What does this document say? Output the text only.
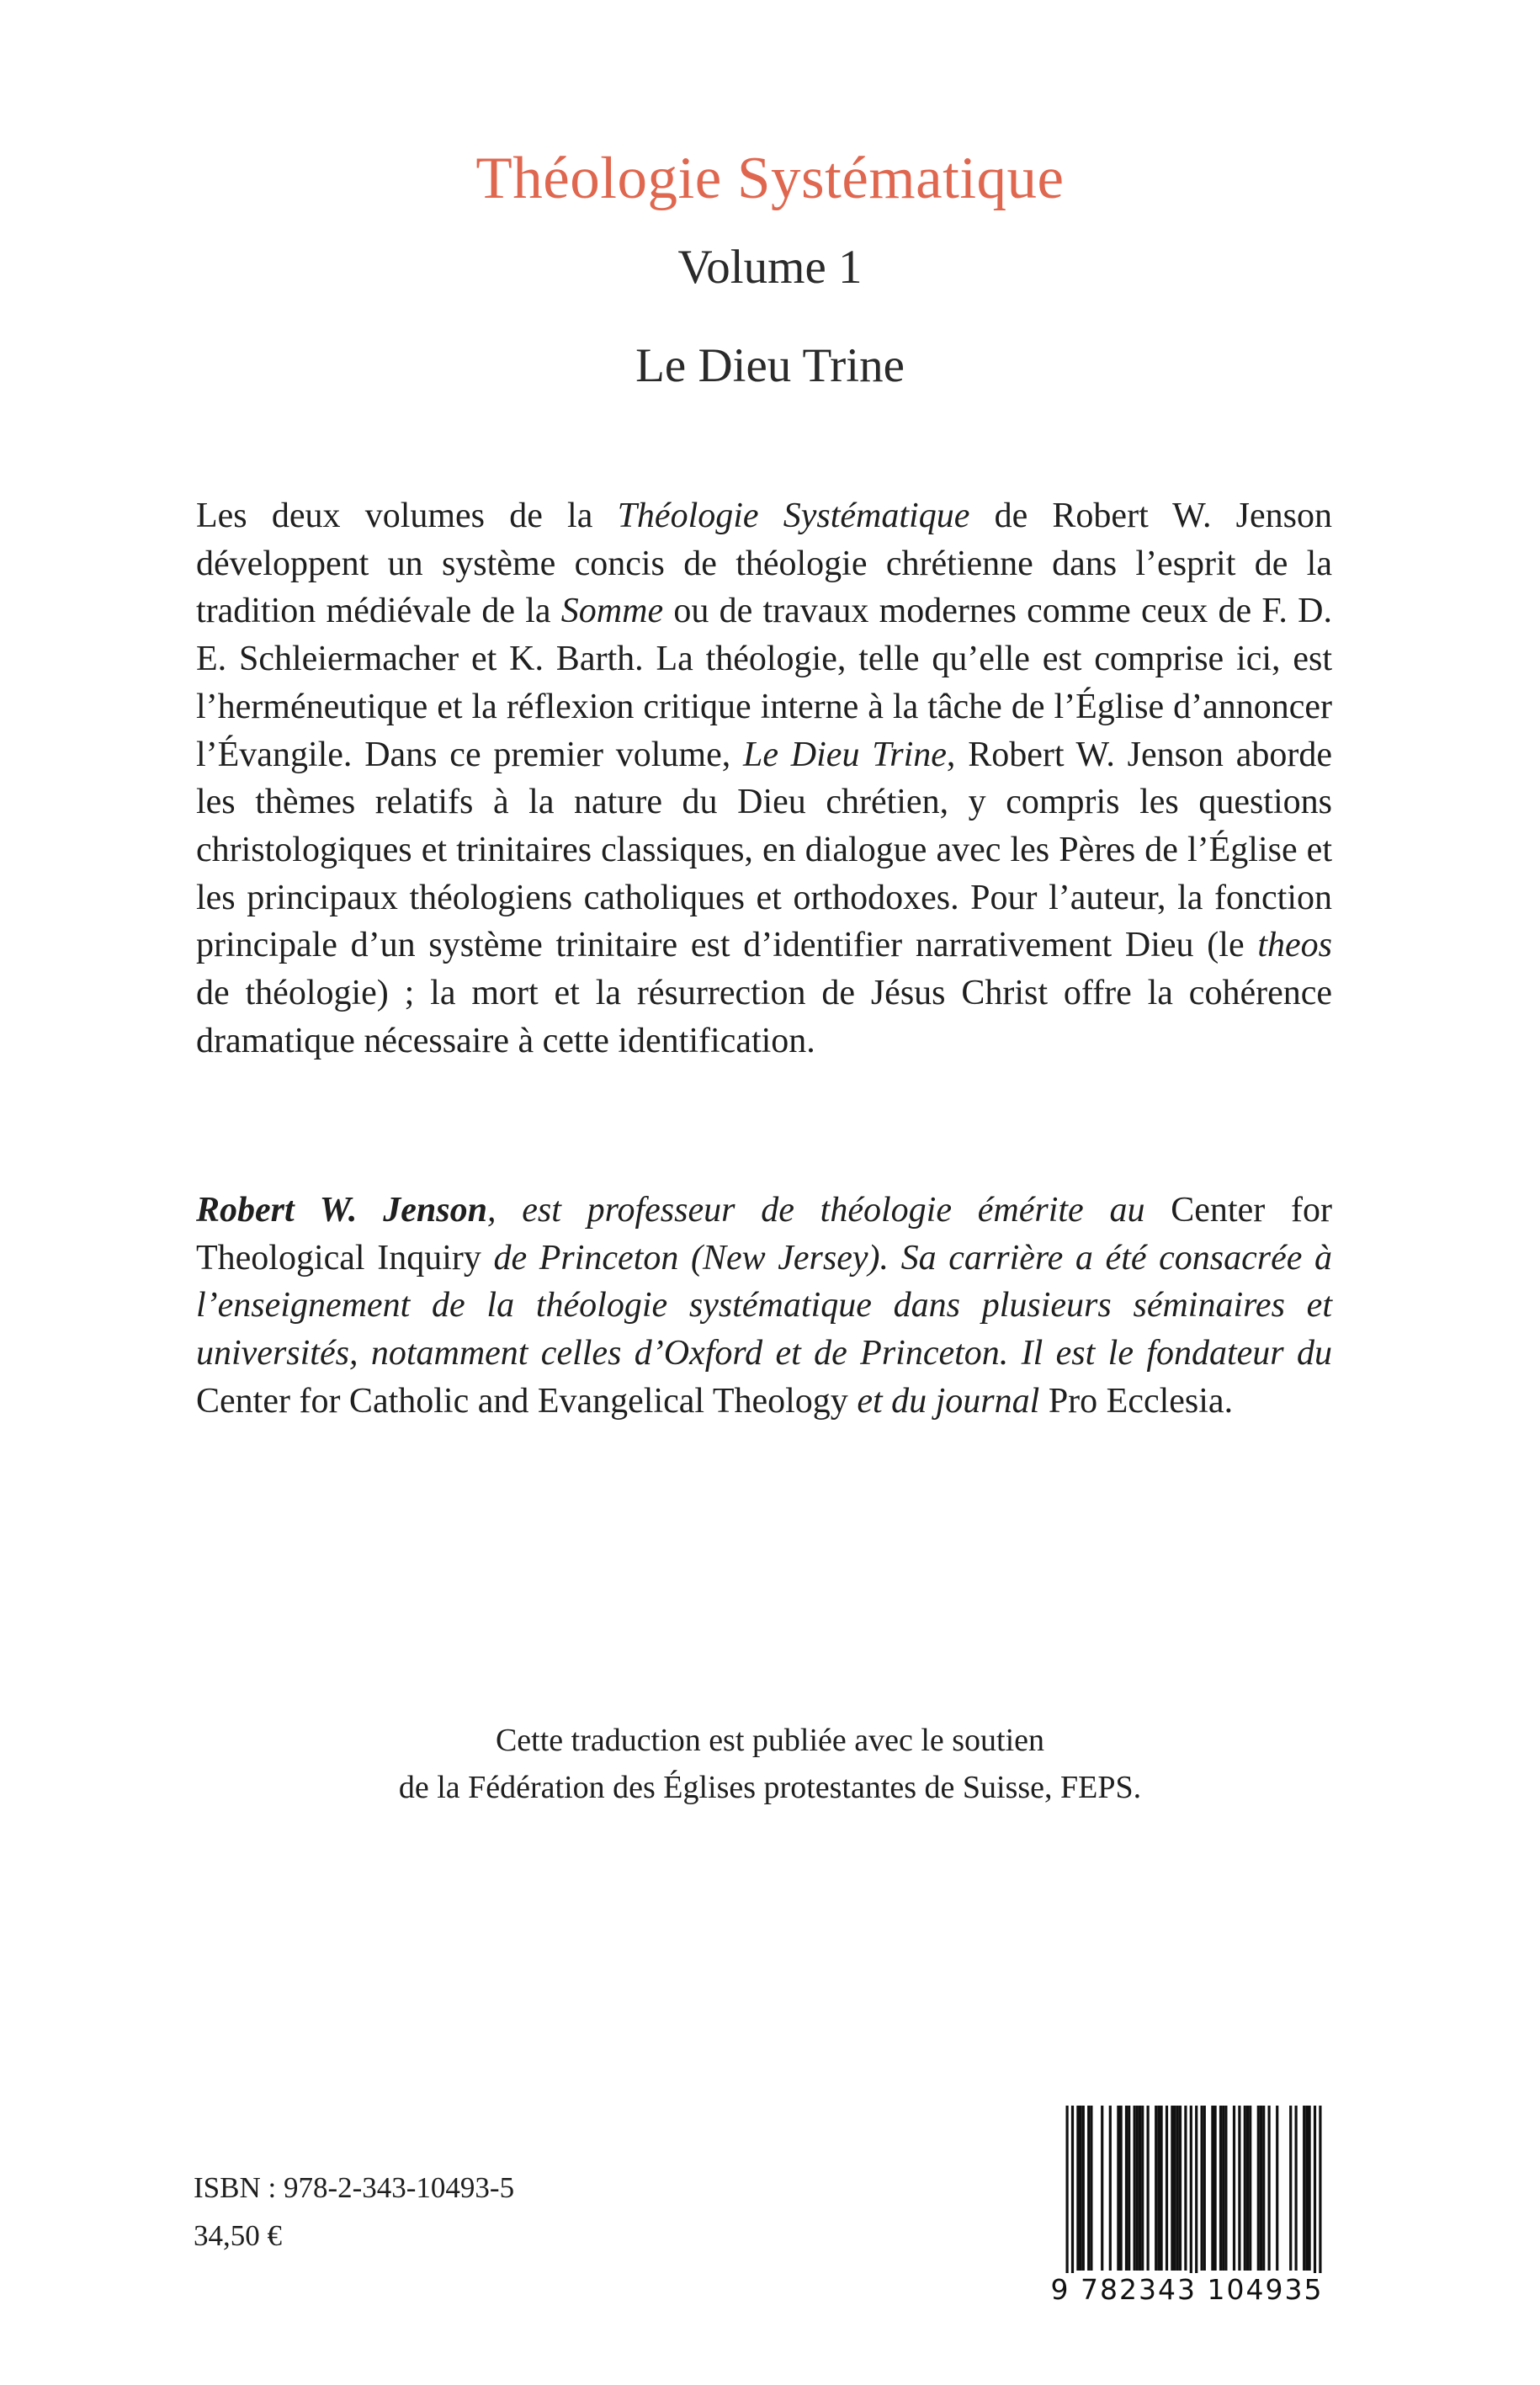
Théologie Systématique
Volume 1
Le Dieu Trine

Les deux volumes de la Théologie Systématique de Robert W. Jenson développent un système concis de théologie chrétienne dans l’esprit de la tradition médiévale de la Somme ou de travaux modernes comme ceux de F. D. E. Schleiermacher et K. Barth. La théologie, telle qu’elle est comprise ici, est l’herméneutique et la réflexion critique interne à la tâche de l’Église d’annoncer l’Évangile. Dans ce premier volume, Le Dieu Trine, Robert W. Jenson aborde les thèmes relatifs à la nature du Dieu chrétien, y compris les questions christologiques et trinitaires classiques, en dialogue avec les Pères de l’Église et les principaux théologiens catholiques et orthodoxes. Pour l’auteur, la fonction principale d’un système trinitaire est d’identifier narrativement Dieu (le theos de théologie) ; la mort et la résurrection de Jésus Christ offre la cohérence dramatique nécessaire à cette identification.

Robert W. Jenson, est professeur de théologie émérite au Center for Theological Inquiry de Princeton (New Jersey). Sa carrière a été consacrée à l’enseignement de la théologie systématique dans plusieurs séminaires et universités, notamment celles d’Oxford et de Princeton. Il est le fondateur du Center for Catholic and Evangelical Theology et du journal Pro Ecclesia.

Cette traduction est publiée avec le soutien
de la Fédération des Églises protestantes de Suisse, FEPS.

ISBN : 978-2-343-10493-5

34,50 €

9 782343 104935
